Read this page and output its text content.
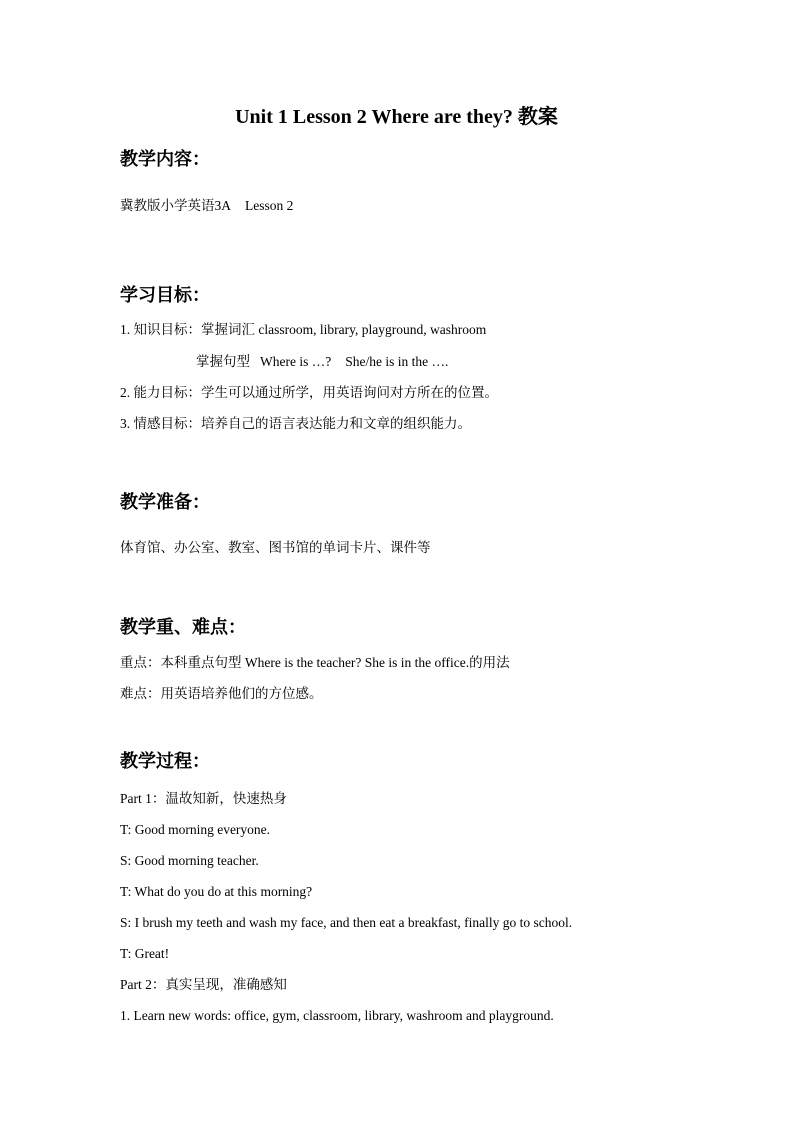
Unit 1 Lesson 2 Where are they? 教案
教学内容：
冀教版小学英语3A Lesson 2
学习目标：
1. 知识目标：掌握词汇 classroom, library, playground, washroom
掌握句型 Where is …? She/he is in the ….
2. 能力目标：学生可以通过所学，用英语询问对方所在的位置。
3. 情感目标：培养自己的语言表达能力和文章的组织能力。
教学准备：
体育馆、办公室、教室、图书馆的单词卡片、课件等
教学重、难点：
重点：本科重点句型 Where is the teacher? She is in the office.的用法
难点：用英语培养他们的方位感。
教学过程：
Part 1：温故知新，快速热身
T: Good morning everyone.
S: Good morning teacher.
T: What do you do at this morning?
S: I brush my teeth and wash my face, and then eat a breakfast, finally go to school.
T: Great!
Part 2：真实呈现，准确感知
1. Learn new words: office, gym, classroom, library, washroom and playground.
